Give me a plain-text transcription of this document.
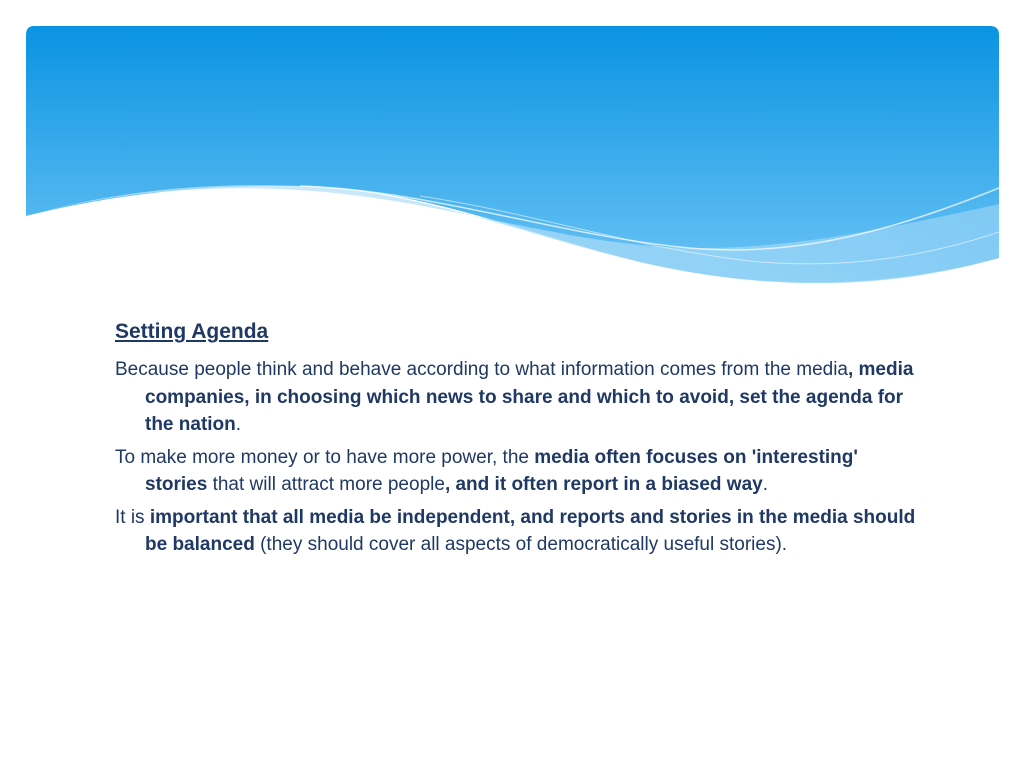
Setting Agenda

Because people think and behave according to what information comes from the media, media companies, in choosing which news to share and which to avoid, set the agenda for the nation.

To make more money or to have more power, the media often focuses on 'interesting' stories that will attract more people, and it often report in a biased way.

It is important that all media be independent, and reports and stories in the media should be balanced (they should cover all aspects of democratically useful stories).
